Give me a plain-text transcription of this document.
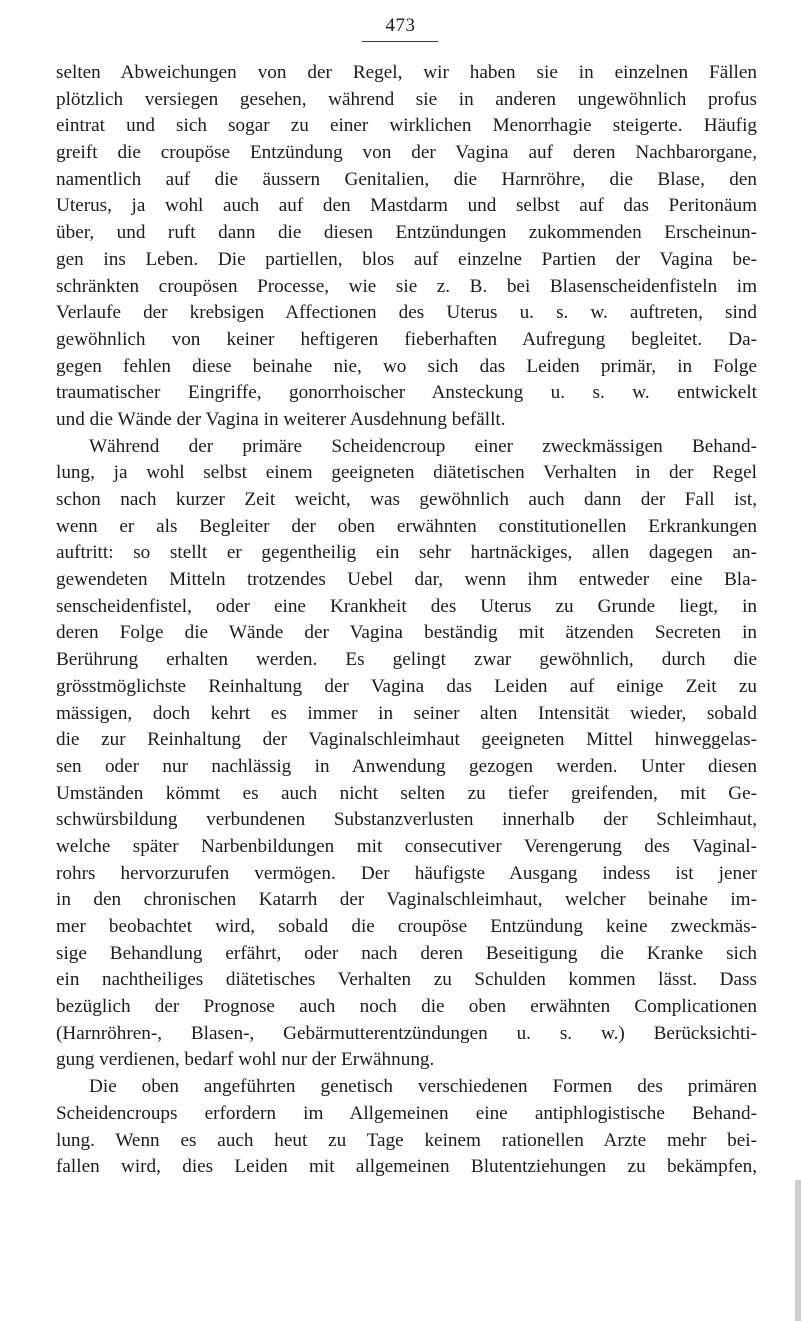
473
selten Abweichungen von der Regel, wir haben sie in einzelnen Fällen
plötzlich versiegen gesehen, während sie in anderen ungewöhnlich profus
eintrat und sich sogar zu einer wirklichen Menorrhagie steigerte. Häufig
greift die croupöse Entzündung von der Vagina auf deren Nachbarorgane,
namentlich auf die äussern Genitalien, die Harnröhre, die Blase, den
Uterus, ja wohl auch auf den Mastdarm und selbst auf das Peritonäum
über, und ruft dann die diesen Entzündungen zukommenden Erscheinun-
gen ins Leben. Die partiellen, blos auf einzelne Partien der Vagina be-
schränkten croupösen Processe, wie sie z. B. bei Blasenscheidenfisteln im
Verlaufe der krebsigen Affectionen des Uterus u. s. w. auftreten, sind
gewöhnlich von keiner heftigeren fieberhaften Aufregung begleitet. Da-
gegen fehlen diese beinahe nie, wo sich das Leiden primär, in Folge
traumatischer Eingriffe, gonorrhoischer Ansteckung u. s. w. entwickelt
und die Wände der Vagina in weiterer Ausdehnung befällt.
Während der primäre Scheidencroup einer zweckmässigen Behand-
lung, ja wohl selbst einem geeigneten diätetischen Verhalten in der Regel
schon nach kurzer Zeit weicht, was gewöhnlich auch dann der Fall ist,
wenn er als Begleiter der oben erwähnten constitutionellen Erkrankungen
auftritt: so stellt er gegentheilig ein sehr hartnäckiges, allen dagegen an-
gewendeten Mitteln trotzendes Uebel dar, wenn ihm entweder eine Bla-
senscheidenfistel, oder eine Krankheit des Uterus zu Grunde liegt, in
deren Folge die Wände der Vagina beständig mit ätzenden Secreten in
Berührung erhalten werden. Es gelingt zwar gewöhnlich, durch die
grösstmöglichste Reinhaltung der Vagina das Leiden auf einige Zeit zu
mässigen, doch kehrt es immer in seiner alten Intensität wieder, sobald
die zur Reinhaltung der Vaginalschleimhaut geeigneten Mittel hinweggelas-
sen oder nur nachlässig in Anwendung gezogen werden. Unter diesen
Umständen kömmt es auch nicht selten zu tiefer greifenden, mit Ge-
schwürsbildung verbundenen Substanzverlusten innerhalb der Schleimhaut,
welche später Narbenbildungen mit consecutiver Verengerung des Vaginal-
rohrs hervorzurufen vermögen. Der häufigste Ausgang indess ist jener
in den chronischen Katarrh der Vaginalschleimhaut, welcher beinahe im-
mer beobachtet wird, sobald die croupöse Entzündung keine zweckmäs-
sige Behandlung erfährt, oder nach deren Beseitigung die Kranke sich
ein nachtheiliges diätetisches Verhalten zu Schulden kommen lässt. Dass
bezüglich der Prognose auch noch die oben erwähnten Complicationen
(Harnröhren-, Blasen-, Gebärmutterentzündungen u. s. w.) Berücksichti-
gung verdienen, bedarf wohl nur der Erwähnung.
Die oben angeführten genetisch verschiedenen Formen des primären
Scheidencroups erfordern im Allgemeinen eine antiphlogistische Behand-
lung. Wenn es auch heut zu Tage keinem rationellen Arzte mehr bei-
fallen wird, dies Leiden mit allgemeinen Blutentziehungen zu bekämpfen,
